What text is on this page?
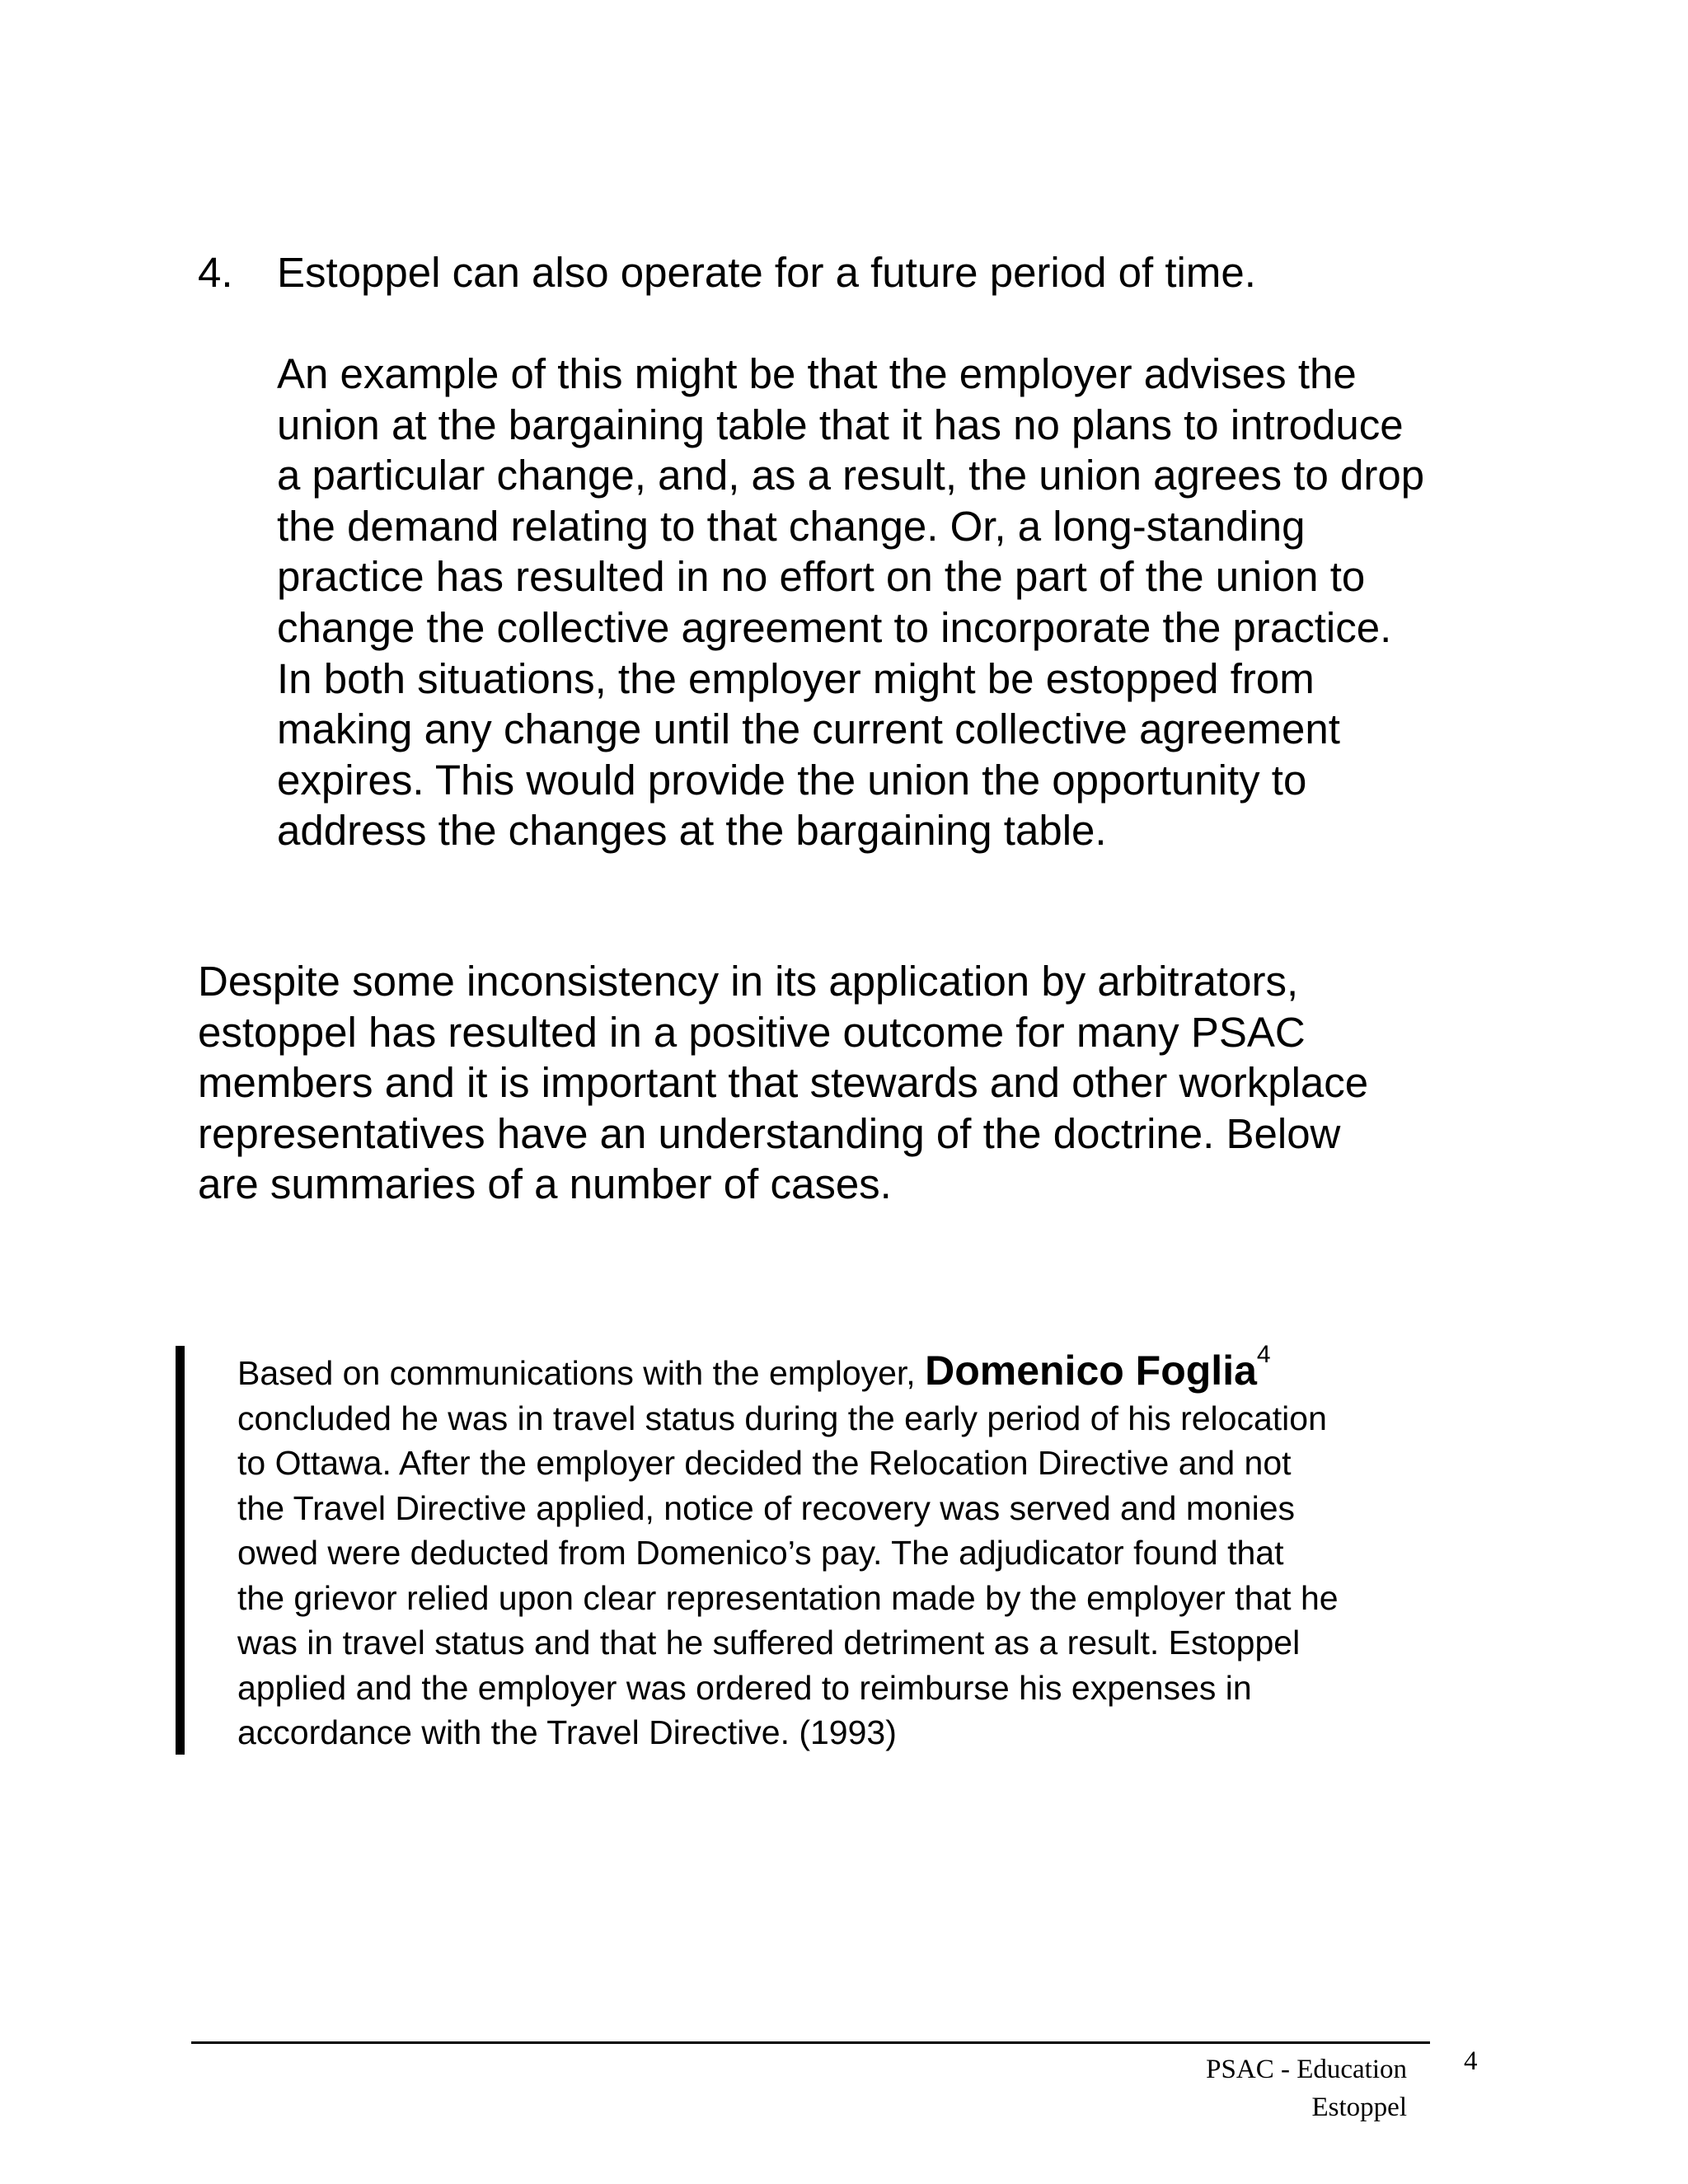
4. Estoppel can also operate for a future period of time.
An example of this might be that the employer advises the
union at the bargaining table that it has no plans to introduce
a particular change, and, as a result, the union agrees to drop
the demand relating to that change. Or, a long-standing
practice has resulted in no effort on the part of the union to
change the collective agreement to incorporate the practice.
In both situations, the employer might be estopped from
making any change until the current collective agreement
expires. This would provide the union the opportunity to
address the changes at the bargaining table.
Despite some inconsistency in its application by arbitrators,
estoppel has resulted in a positive outcome for many PSAC
members and it is important that stewards and other workplace
representatives have an understanding of the doctrine. Below
are summaries of a number of cases.
Based on communications with the employer, Domenico Foglia$^4$
concluded he was in travel status during the early period of his relocation
to Ottawa. After the employer decided the Relocation Directive and not
the Travel Directive applied, notice of recovery was served and monies
owed were deducted from Domenico’s pay. The adjudicator found that
the grievor relied upon clear representation made by the employer that he
was in travel status and that he suffered detriment as a result. Estoppel
applied and the employer was ordered to reimburse his expenses in
accordance with the Travel Directive. (1993)
PSAC - Education
Estoppel
4
